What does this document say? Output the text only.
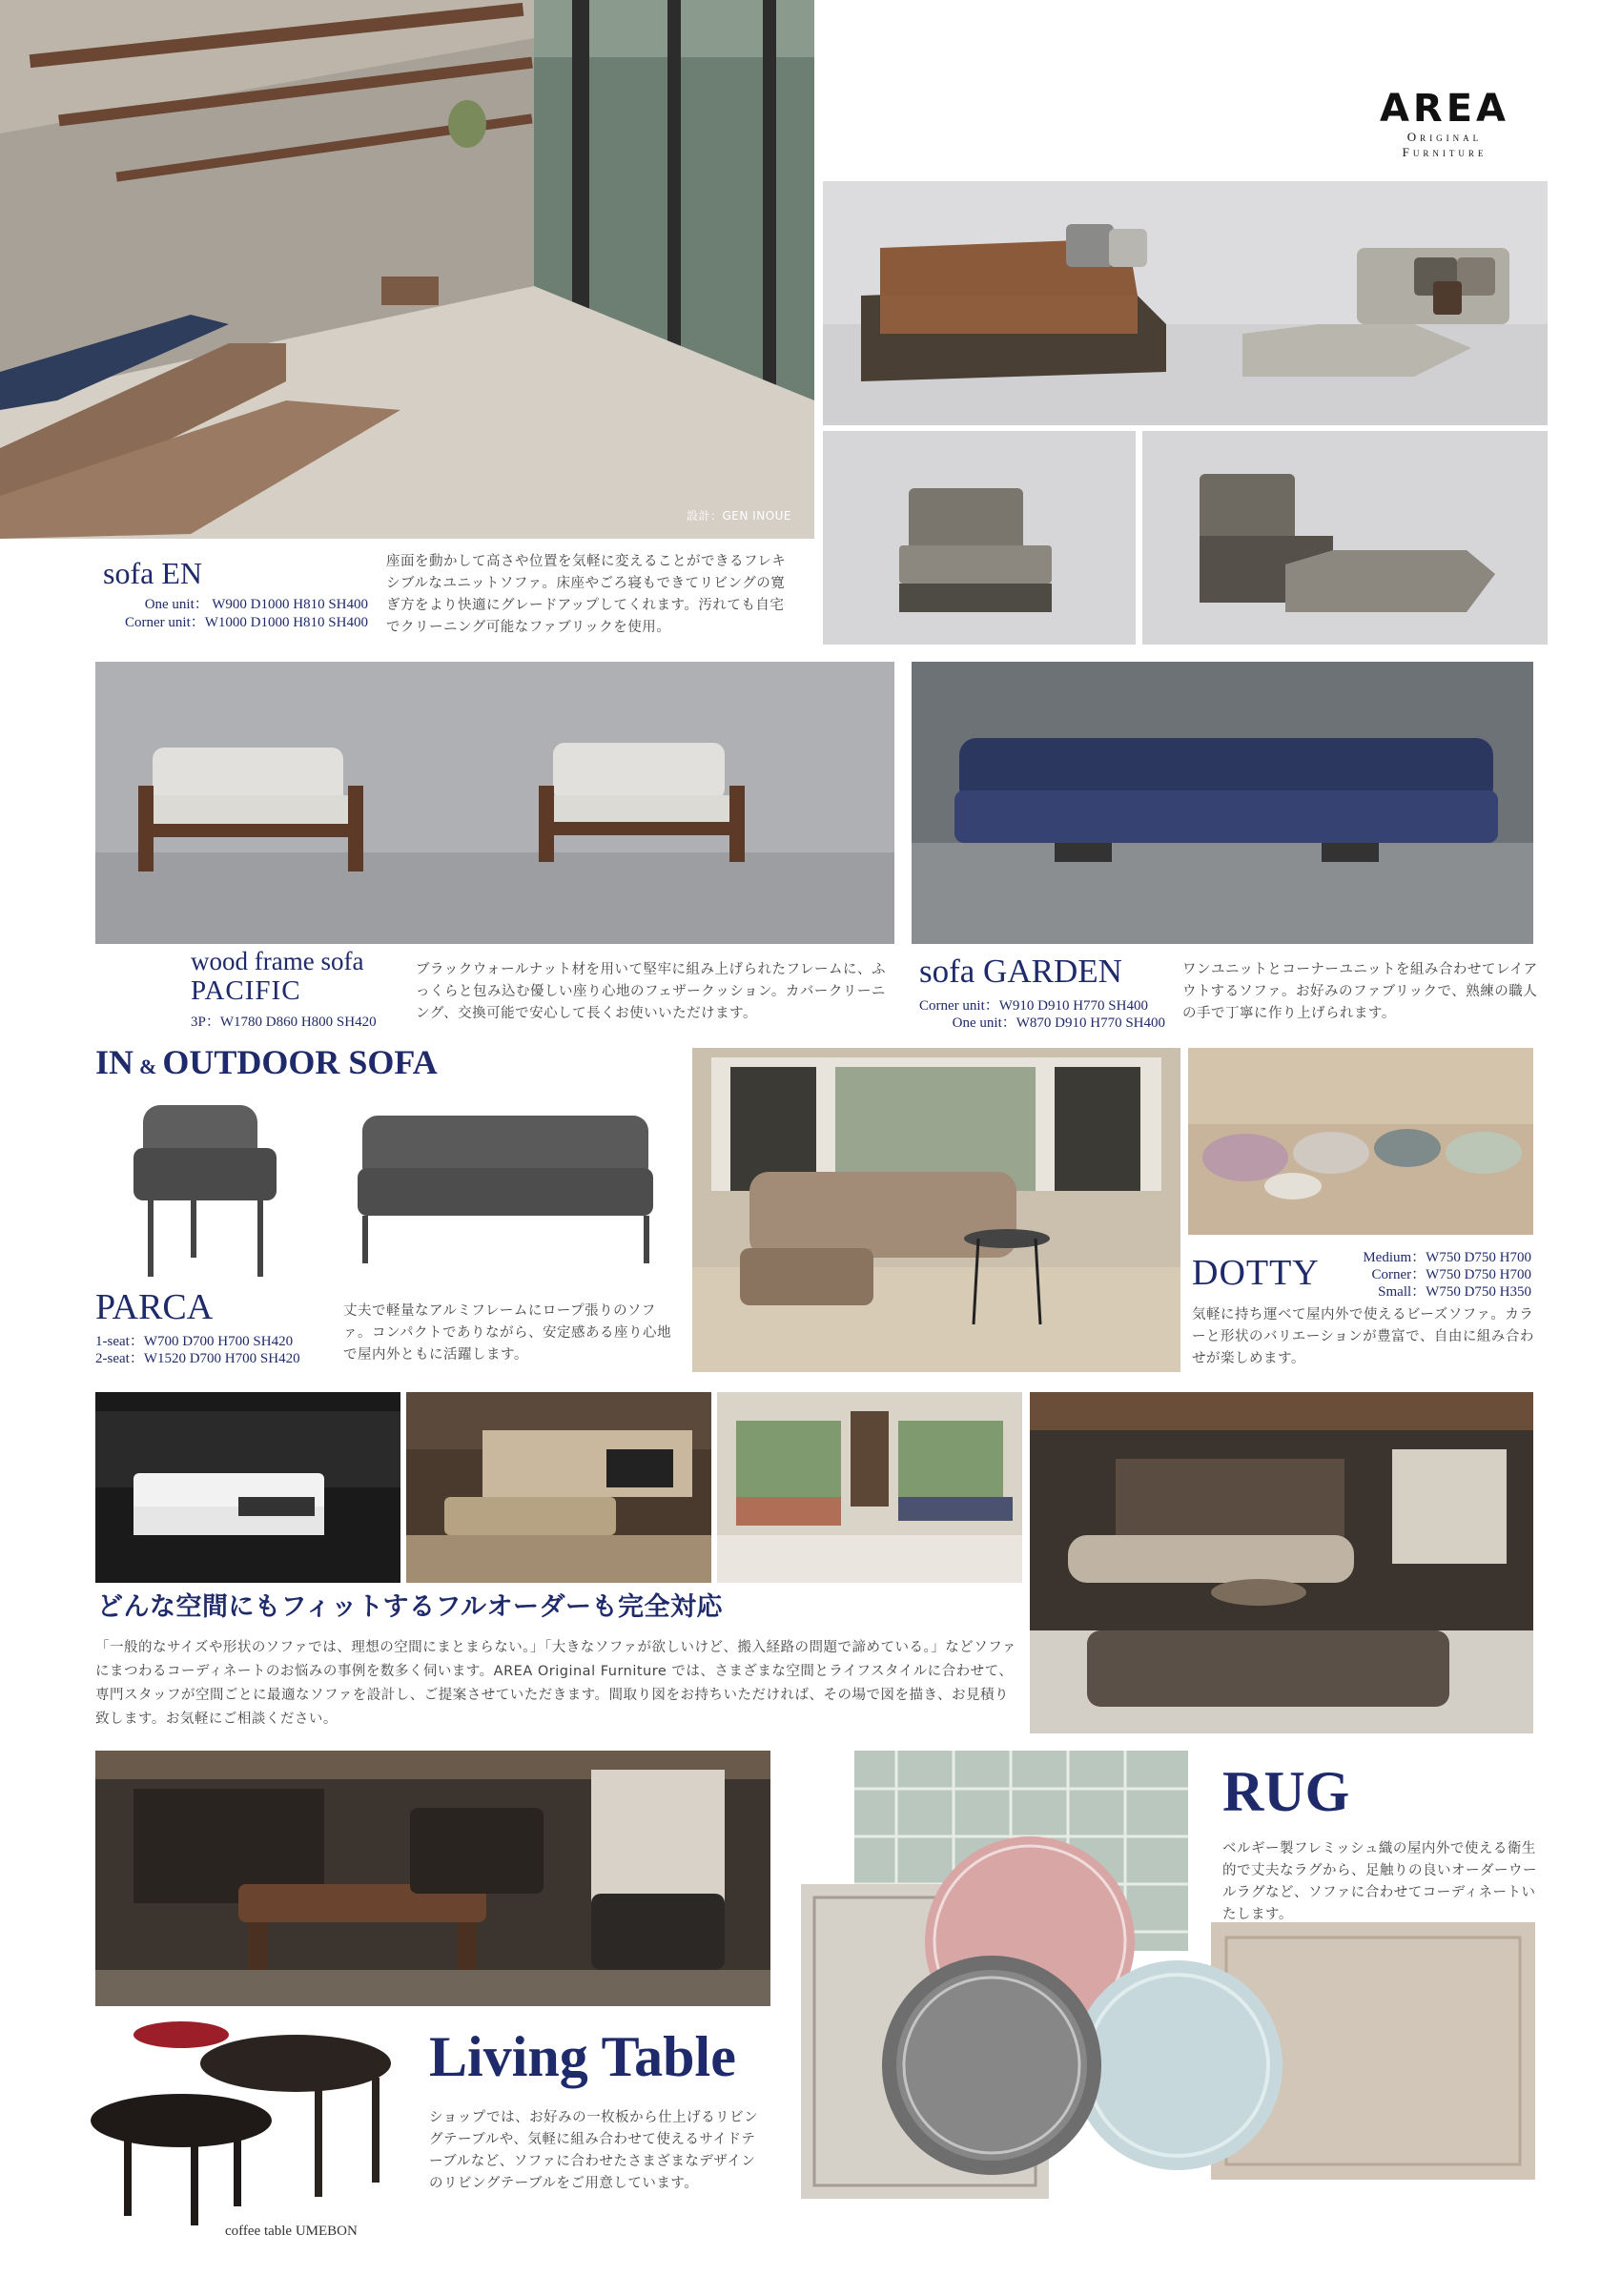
設計：GEN INOUE
AREA
Original
Furniture
sofa EN
One unit： W900 D1000 H810 SH400
Corner unit：W1000 D1000 H810 SH400
座面を動かして高さや位置を気軽に変えることができるフレキシブルなユニットソファ。床座やごろ寝もできてリビングの寛ぎ方をより快適にグレードアップしてくれます。汚れても自宅でクリーニング可能なファブリックを使用。
wood frame sofa
PACIFIC
3P：W1780 D860 H800 SH420
ブラックウォールナット材を用いて堅牢に組み上げられたフレームに、ふっくらと包み込む優しい座り心地のフェザークッション。カバークリーニング、交換可能で安心して長くお使いいただけます。
sofa GARDEN
Corner unit：W910 D910 H770 SH400
One unit：W870 D910 H770 SH400
ワンユニットとコーナーユニットを組み合わせてレイアウトするソファ。お好みのファブリックで、熟練の職人の手で丁寧に作り上げられます。
IN & OUTDOOR SOFA
PARCA
1-seat：W700 D700 H700 SH420
2-seat：W1520 D700 H700 SH420
丈夫で軽量なアルミフレームにロープ張りのソファ。コンパクトでありながら、安定感ある座り心地で屋内外ともに活躍します。
Medium：W750 D750 H700
Corner：W750 D750 H700
Small：W750 D750 H350
DOTTY
気軽に持ち運べて屋内外で使えるビーズソファ。カラーと形状のバリエーションが豊富で、自由に組み合わせが楽しめます。
どんな空間にもフィットするフルオーダーも完全対応
「一般的なサイズや形状のソファでは、理想の空間にまとまらない。」「大きなソファが欲しいけど、搬入経路の問題で諦めている。」などソファにまつわるコーディネートのお悩みの事例を数多く伺います。AREA Original Furniture では、さまざまな空間とライフスタイルに合わせて、専門スタッフが空間ごとに最適なソファを設計し、ご提案させていただきます。間取り図をお持ちいただければ、その場で図を描き、お見積り致します。お気軽にご相談ください。
coffee table UMEBON
Living Table
ショップでは、お好みの一枚板から仕上げるリビングテーブルや、気軽に組み合わせて使えるサイドテーブルなど、ソファに合わせたさまざまなデザインのリビングテーブルをご用意しています。
RUG
ベルギー製フレミッシュ織の屋内外で使える衛生的で丈夫なラグから、足触りの良いオーダーウールラグなど、ソファに合わせてコーディネートいたします。
